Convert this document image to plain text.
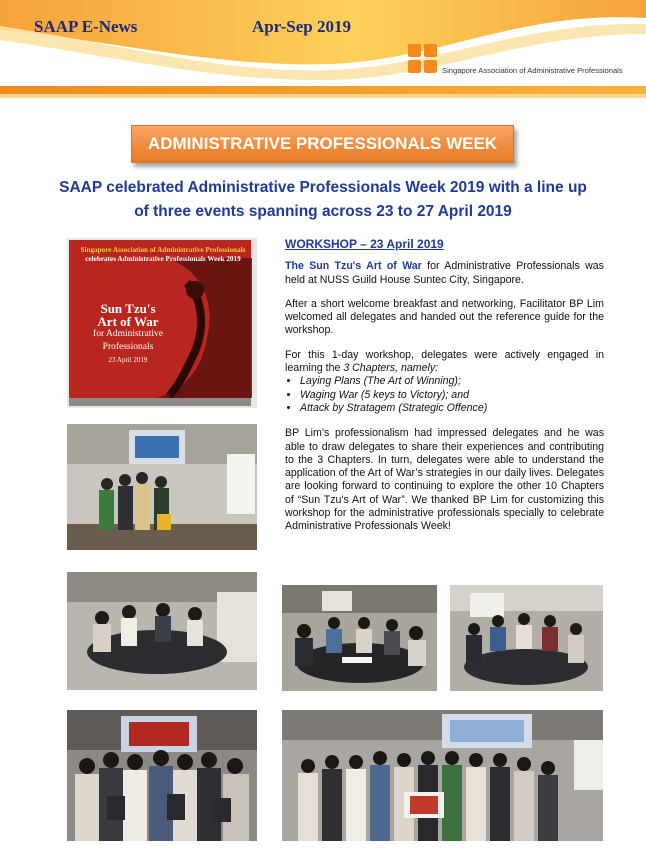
SAAP E-News	Apr-Sep 2019
Singapore Association of Administrative Professionals
ADMINISTRATIVE PROFESSIONALS WEEK
SAAP celebrated Administrative Professionals Week 2019 with a line up
of three events spanning across 23 to 27 April 2019
Singapore Association of Administrative Professionals
celebrates Administrative Professionals Week 2019
Sun Tzu's
Art of War
for Administrative
Professionals
23 April 2019
WORKSHOP – 23 April 2019

The Sun Tzu's Art of War for Administrative Professionals was held at NUSS Guild House Suntec City, Singapore.

After a short welcome breakfast and networking, Facilitator BP Lim welcomed all delegates and handed out the reference guide for the workshop.

For this 1-day workshop, delegates were actively engaged in learning the 3 Chapters, namely:

• Laying Plans (The Art of Winning);
• Waging War (5 keys to Victory); and
• Attack by Stratagem (Strategic Offence)

BP Lim’s professionalism had impressed delegates and he was able to draw delegates to share their experiences and contributing to the 3 Chapters. In turn, delegates were able to understand the application of the Art of War’s strategies in our daily lives. Delegates are looking forward to continuing to explore the other 10 Chapters of “Sun Tzu's Art of War”. We thanked BP Lim for customizing this workshop for the administrative professionals specially to celebrate Administrative Professionals Week!
